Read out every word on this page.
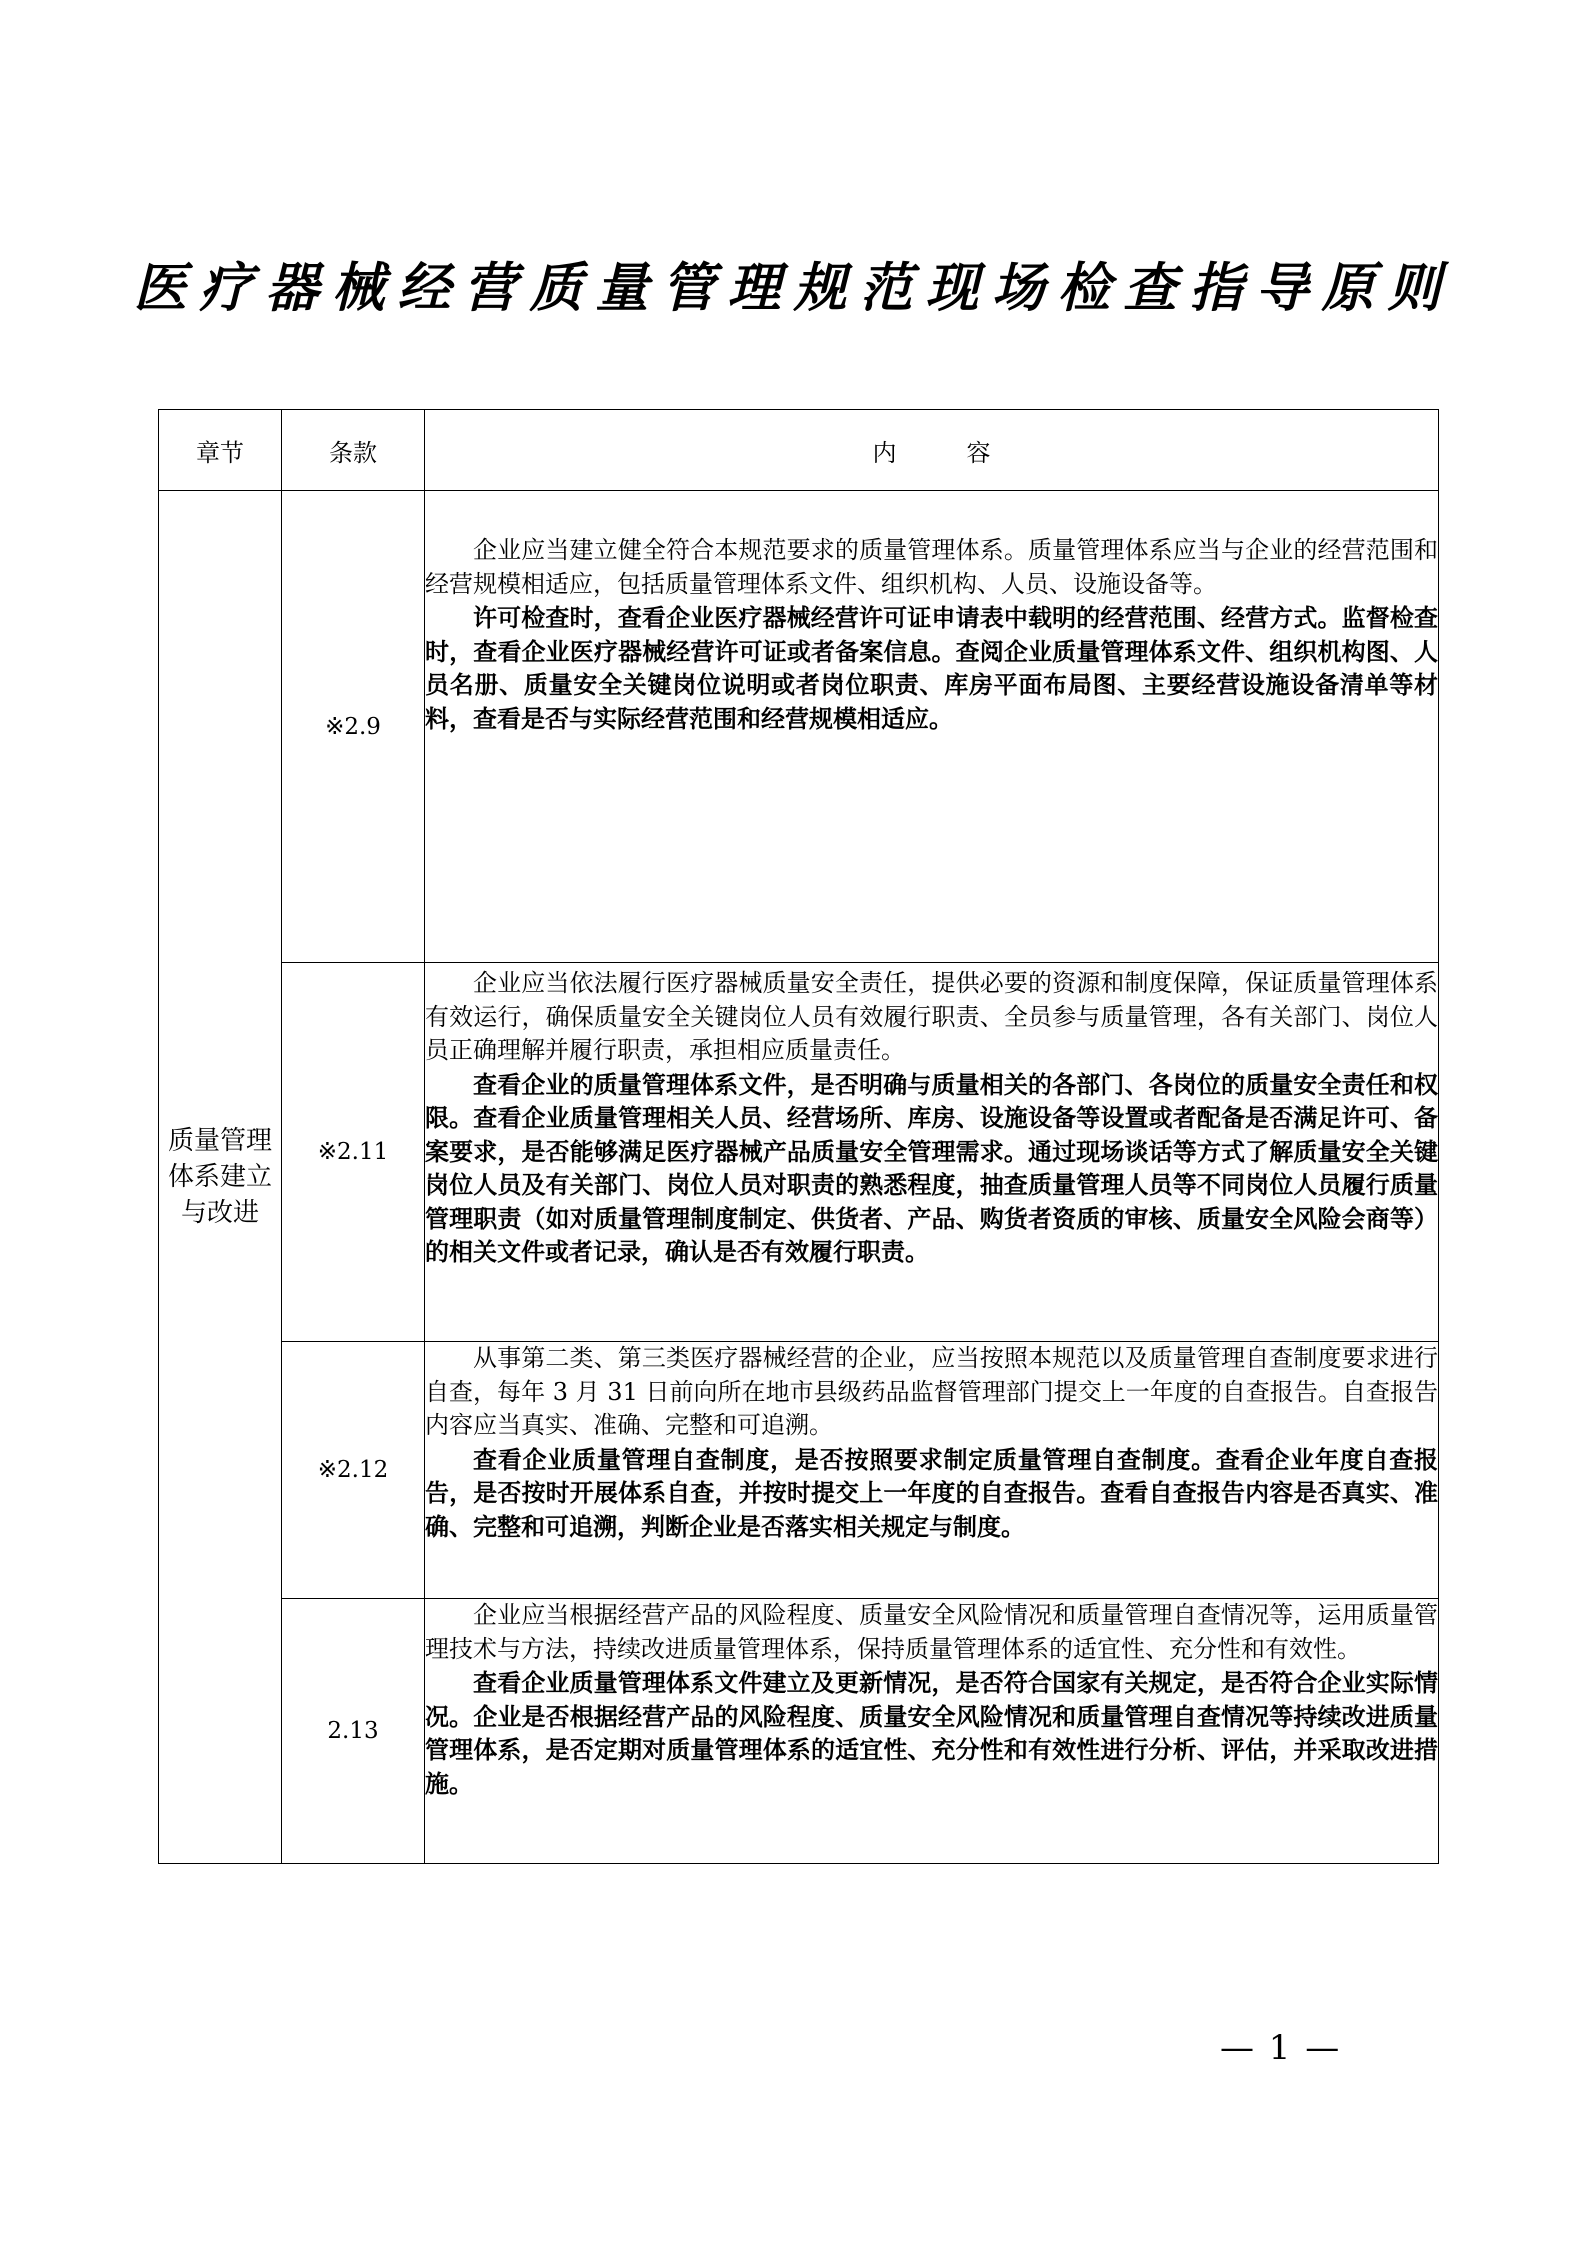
医疗器械经营质量管理规范现场检查指导原则
章节	条款	内容
质量管理体系建立与改进	※2.9	企业应当建立健全符合本规范要求的质量管理体系。质量管理体系应当与企业的经营范围和经营规模相适应，包括质量管理体系文件、组织机构、人员、设施设备等。

许可检查时，查看企业医疗器械经营许可证申请表中载明的经营范围、经营方式。监督检查时，查看企业医疗器械经营许可证或者备案信息。查阅企业质量管理体系文件、组织机构图、人员名册、质量安全关键岗位说明或者岗位职责、库房平面布局图、主要经营设施设备清单等材料，查看是否与实际经营范围和经营规模相适应。

	※2.11	企业应当依法履行医疗器械质量安全责任，提供必要的资源和制度保障，保证质量管理体系有效运行，确保质量安全关键岗位人员有效履行职责、全员参与质量管理，各有关部门、岗位人员正确理解并履行职责，承担相应质量责任。

查看企业的质量管理体系文件，是否明确与质量相关的各部门、各岗位的质量安全责任和权限。查看企业质量管理相关人员、经营场所、库房、设施设备等设置或者配备是否满足许可、备案要求，是否能够满足医疗器械产品质量安全管理需求。通过现场谈话等方式了解质量安全关键岗位人员及有关部门、岗位人员对职责的熟悉程度，抽查质量管理人员等不同岗位人员履行质量管理职责（如对质量管理制度制定、供货者、产品、购货者资质的审核、质量安全风险会商等）的相关文件或者记录，确认是否有效履行职责。

	※2.12	从事第二类、第三类医疗器械经营的企业，应当按照本规范以及质量管理自查制度要求进行自查，每年 3 月 31 日前向所在地市县级药品监督管理部门提交上一年度的自查报告。自查报告内容应当真实、准确、完整和可追溯。

查看企业质量管理自查制度，是否按照要求制定质量管理自查制度。查看企业年度自查报告，是否按时开展体系自查，并按时提交上一年度的自查报告。查看自查报告内容是否真实、准确、完整和可追溯，判断企业是否落实相关规定与制度。

	2.13	企业应当根据经营产品的风险程度、质量安全风险情况和质量管理自查情况等，运用质量管理技术与方法，持续改进质量管理体系，保持质量管理体系的适宜性、充分性和有效性。

查看企业质量管理体系文件建立及更新情况，是否符合国家有关规定，是否符合企业实际情况。企业是否根据经营产品的风险程度、质量安全风险情况和质量管理自查情况等持续改进质量管理体系，是否定期对质量管理体系的适宜性、充分性和有效性进行分析、评估，并采取改进措施。

— 1 —
